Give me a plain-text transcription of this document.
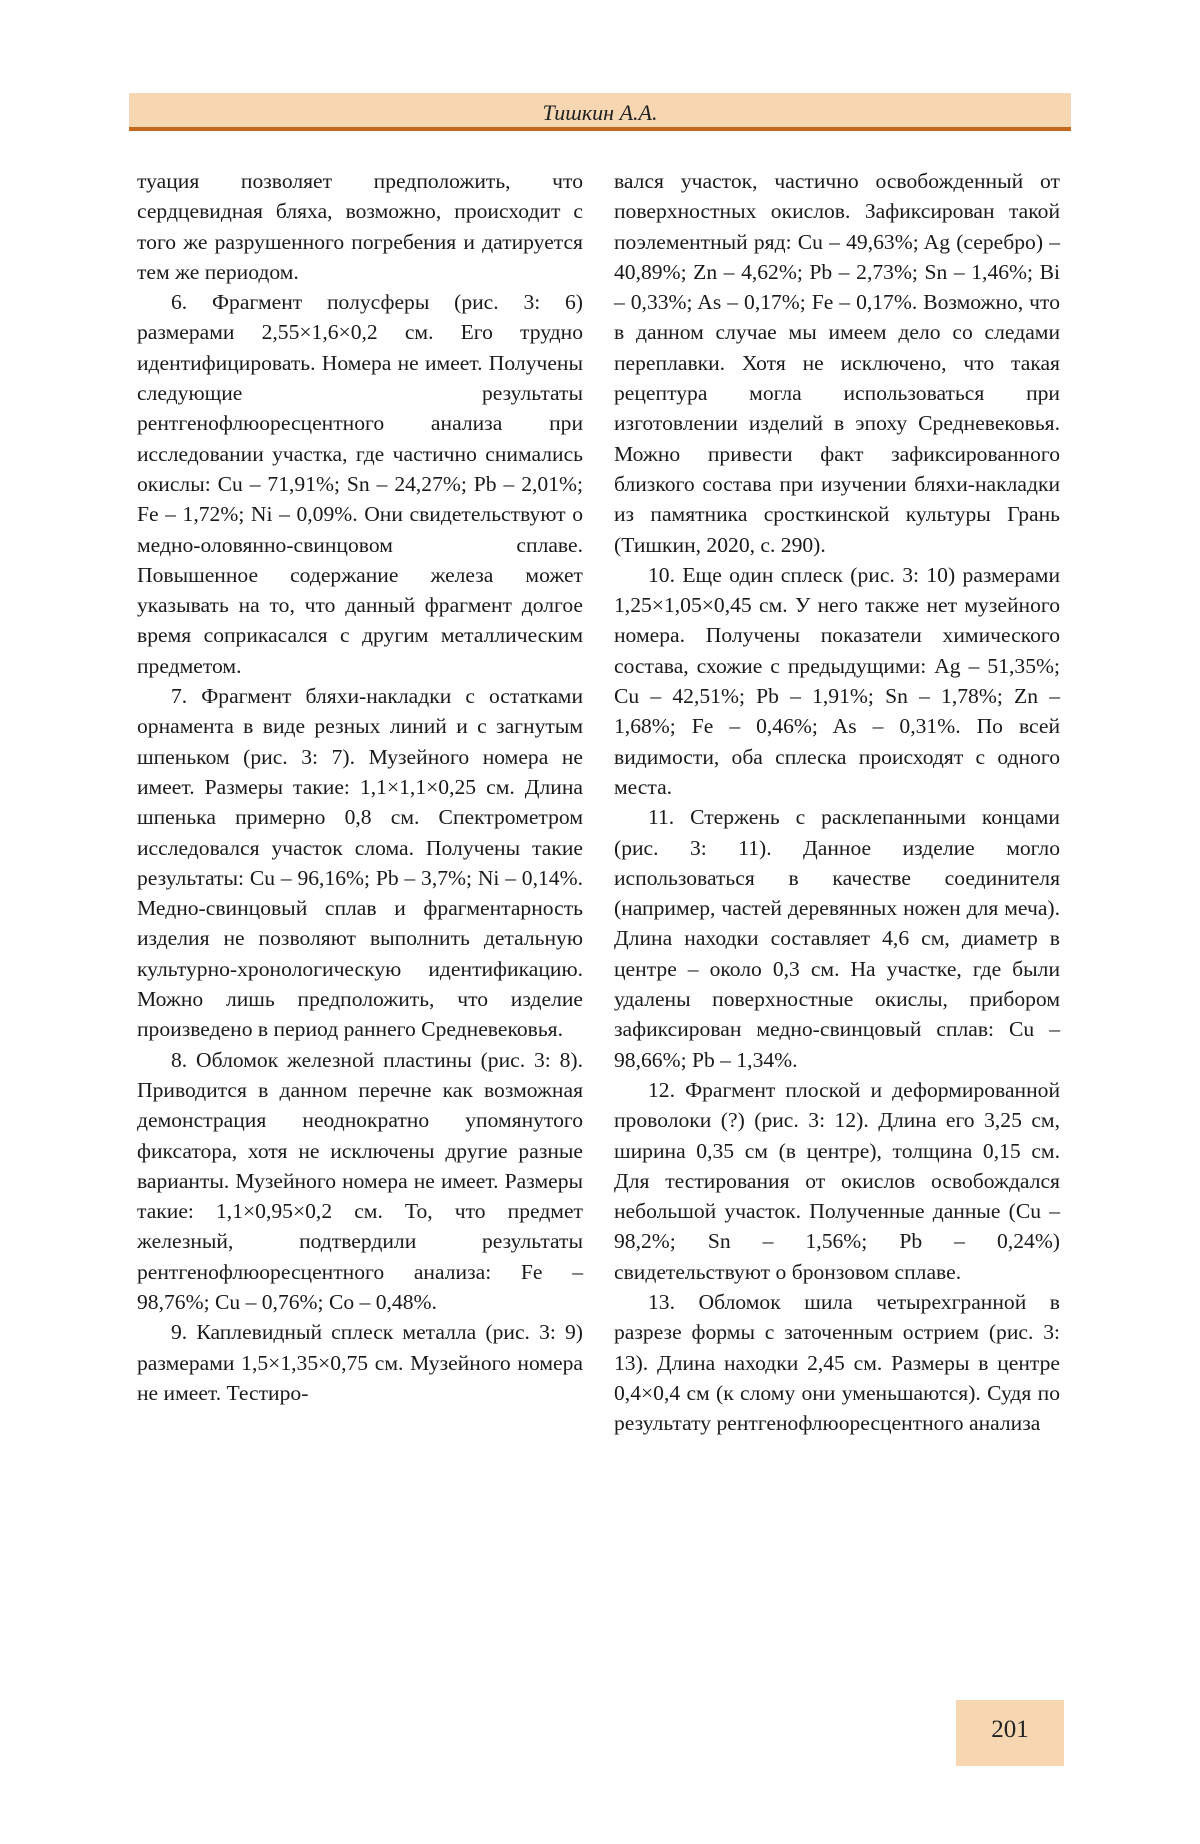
Тишкин А.А.

туация позволяет предположить, что сердцевидная бляха, возможно, происходит с того же разрушенного погребения и датируется тем же периодом.

6. Фрагмент полусферы (рис. 3: 6) размерами 2,55×1,6×0,2 см. Его трудно идентифицировать. Номера не имеет. Получены следующие результаты рентгенофлюоресцентного анализа при исследовании участка, где частично снимались окислы: Cu – 71,91%; Sn – 24,27%; Pb – 2,01%; Fe – 1,72%; Ni – 0,09%. Они свидетельствуют о медно-оловянно-свинцовом сплаве. Повышенное содержание железа может указывать на то, что данный фрагмент долгое время соприкасался с другим металлическим предметом.

7. Фрагмент бляхи-накладки с остатками орнамента в виде резных линий и с загнутым шпеньком (рис. 3: 7). Музейного номера не имеет. Размеры такие: 1,1×1,1×0,25 см. Длина шпенька примерно 0,8 см. Спектрометром исследовался участок слома. Получены такие результаты: Cu – 96,16%; Pb – 3,7%; Ni – 0,14%. Медно-свинцовый сплав и фрагментарность изделия не позволяют выполнить детальную культурно-хронологическую идентификацию. Можно лишь предположить, что изделие произведено в период раннего Средневековья.

8. Обломок железной пластины (рис. 3: 8). Приводится в данном перечне как возможная демонстрация неоднократно упомянутого фиксатора, хотя не исключены другие разные варианты. Музейного номера не имеет. Размеры такие: 1,1×0,95×0,2 см. То, что предмет железный, подтвердили результаты рентгенофлюоресцентного анализа: Fe – 98,76%; Cu – 0,76%; Co – 0,48%.

9. Каплевидный сплеск металла (рис. 3: 9) размерами 1,5×1,35×0,75 см. Музейного номера не имеет. Тестиро-

вался участок, частично освобожденный от поверхностных окислов. Зафиксирован такой поэлементный ряд: Cu – 49,63%; Ag (серебро) – 40,89%; Zn – 4,62%; Pb – 2,73%; Sn – 1,46%; Bi – 0,33%; As – 0,17%; Fe – 0,17%. Возможно, что в данном случае мы имеем дело со следами переплавки. Хотя не исключено, что такая рецептура могла использоваться при изготовлении изделий в эпоху Средневековья. Можно привести факт зафиксированного близкого состава при изучении бляхи-накладки из памятника сросткинской культуры Грань (Тишкин, 2020, с. 290).

10. Еще один сплеск (рис. 3: 10) размерами 1,25×1,05×0,45 см. У него также нет музейного номера. Получены показатели химического состава, схожие с предыдущими: Ag – 51,35%; Cu – 42,51%; Pb – 1,91%; Sn – 1,78%; Zn – 1,68%; Fe – 0,46%; As – 0,31%. По всей видимости, оба сплеска происходят с одного места.

11. Стержень с расклепанными концами (рис. 3: 11). Данное изделие могло использоваться в качестве соединителя (например, частей деревянных ножен для меча). Длина находки составляет 4,6 см, диаметр в центре – около 0,3 см. На участке, где были удалены поверхностные окислы, прибором зафиксирован медно-свинцовый сплав: Cu – 98,66%; Pb – 1,34%.

12. Фрагмент плоской и деформированной проволоки (?) (рис. 3: 12). Длина его 3,25 см, ширина 0,35 см (в центре), толщина 0,15 см. Для тестирования от окислов освобождался небольшой участок. Полученные данные (Cu – 98,2%; Sn – 1,56%; Pb – 0,24%) свидетельствуют о бронзовом сплаве.

13. Обломок шила четырехгранной в разрезе формы с заточенным острием (рис. 3: 13). Длина находки 2,45 см. Размеры в центре 0,4×0,4 см (к слому они уменьшаются). Судя по результату рентгенофлюоресцентного анализа

201
